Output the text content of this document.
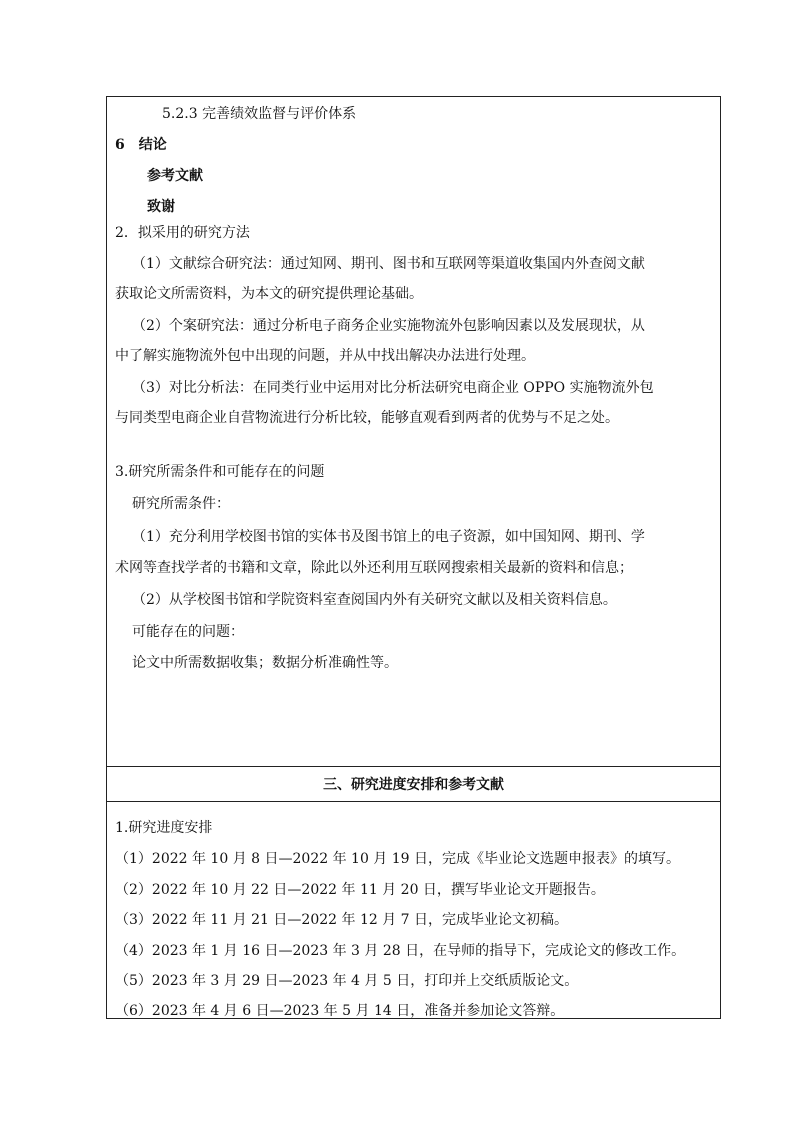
5.2.3 完善绩效监督与评价体系
6　结论
参考文献
致谢
2．拟采用的研究方法
（1）文献综合研究法：通过知网、期刊、图书和互联网等渠道收集国内外查阅文献
获取论文所需资料，为本文的研究提供理论基础。
（2）个案研究法：通过分析电子商务企业实施物流外包影响因素以及发展现状，从
中了解实施物流外包中出现的问题，并从中找出解决办法进行处理。
（3）对比分析法：在同类行业中运用对比分析法研究电商企业 OPPO 实施物流外包
与同类型电商企业自营物流进行分析比较，能够直观看到两者的优势与不足之处。
3.研究所需条件和可能存在的问题
研究所需条件：
（1）充分利用学校图书馆的实体书及图书馆上的电子资源，如中国知网、期刊、学
术网等查找学者的书籍和文章，除此以外还利用互联网搜索相关最新的资料和信息；
（2）从学校图书馆和学院资料室查阅国内外有关研究文献以及相关资料信息。
可能存在的问题：
论文中所需数据收集；数据分析准确性等。
三、研究进度安排和参考文献
1.研究进度安排
（1）2022 年 10 月 8 日—2022 年 10 月 19 日，完成《毕业论文选题申报表》的填写。
（2）2022 年 10 月 22 日—2022 年 11 月 20 日，撰写毕业论文开题报告。
（3）2022 年 11 月 21 日—2022 年 12 月 7 日，完成毕业论文初稿。
（4）2023 年 1 月 16 日—2023 年 3 月 28 日，在导师的指导下，完成论文的修改工作。
（5）2023 年 3 月 29 日—2023 年 4 月 5 日，打印并上交纸质版论文。
（6）2023 年 4 月 6 日—2023 年 5 月 14 日，准备并参加论文答辩。
